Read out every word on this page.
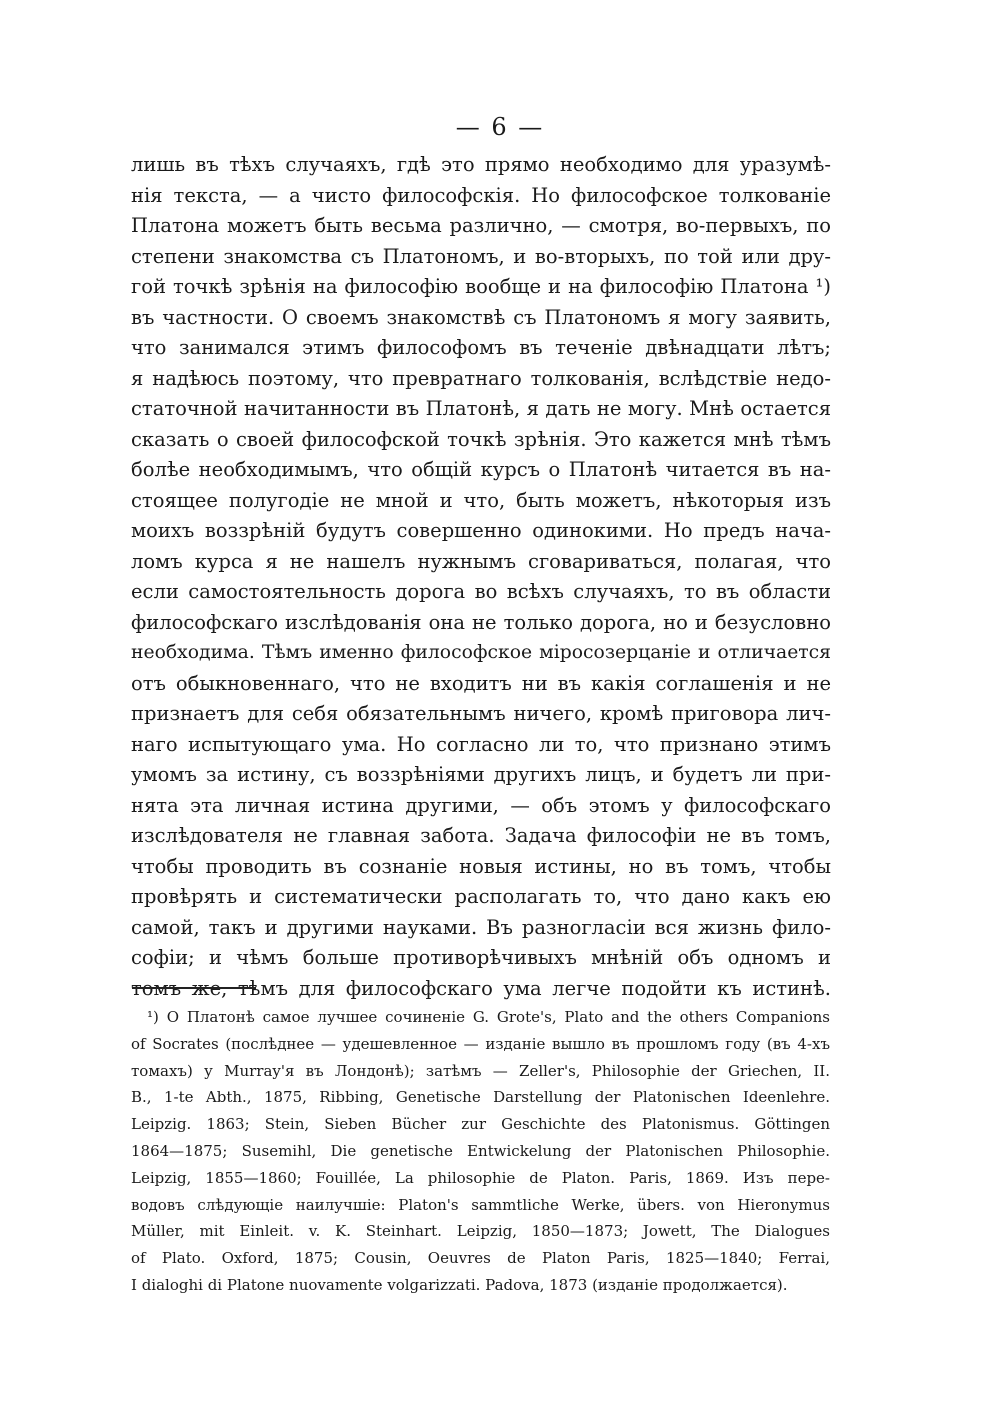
— 6 —
лишь въ тѣхъ случаяхъ, гдѣ это прямо необходимо для уразумѣ-
нія текста, — а чисто философскія. Но философское толкованіе
Платона можетъ быть весьма различно, — смотря, во-первыхъ, по
степени знакомства съ Платономъ, и во-вторыхъ, по той или дру-
гой точкѣ зрѣнія на философію вообще и на философію Платона ¹)
въ частности. О своемъ знакомствѣ съ Платономъ я могу заявить,
что занимался этимъ философомъ въ теченіе двѣнадцати лѣтъ;
я надѣюсь поэтому, что превратнаго толкованія, вслѣдствіе недо-
статочной начитанности въ Платонѣ, я дать не могу. Мнѣ остается
сказать о своей философской точкѣ зрѣнія. Это кажется мнѣ тѣмъ
болѣе необходимымъ, что общій курсъ о Платонѣ читается въ на-
стоящее полугодіе не мной и что, быть можетъ, нѣкоторыя изъ
моихъ воззрѣній будутъ совершенно одинокими. Но предъ нача-
ломъ курса я не нашелъ нужнымъ сговариваться, полагая, что
если самостоятельность дорога во всѣхъ случаяхъ, то въ области
философскаго изслѣдованія она не только дорога, но и безусловно
необходима. Тѣмъ именно философское міросозерцаніе и отличается
отъ обыкновеннаго, что не входитъ ни въ какія соглашенія и не
признаетъ для себя обязательнымъ ничего, кромѣ приговора лич-
наго испытующаго ума. Но согласно ли то, что признано этимъ
умомъ за истину, съ воззрѣніями другихъ лицъ, и будетъ ли при-
нята эта личная истина другими, — объ этомъ у философскаго
изслѣдователя не главная забота. Задача философіи не въ томъ,
чтобы проводить въ сознаніе новыя истины, но въ томъ, чтобы
провѣрять и систематически располагать то, что дано какъ ею
самой, такъ и другими науками. Въ разногласіи вся жизнь фило-
софіи; и чѣмъ больше противорѣчивыхъ мнѣній объ одномъ и
томъ же, тѣмъ для философскаго ума легче подойти къ истинѣ.
¹) О Платонѣ самое лучшее сочиненіе G. Grote's, Plato and the others Companions
of Socrates (послѣднее — удешевленное — изданіе вышло въ прошломъ году (въ 4-хъ
томахъ) у Murray'я въ Лондонѣ); затѣмъ — Zeller's, Philosophie der Griechen, II.
B., 1-te Abth., 1875, Ribbing, Genetische Darstellung der Platonischen Ideenlehre.
Leipzig. 1863; Stein, Sieben Bücher zur Geschichte des Platonismus. Göttingen
1864—1875; Susemihl, Die genetische Entwickelung der Platonischen Philosophie.
Leipzig, 1855—1860; Fouillée, La philosophie de Platon. Paris, 1869. Изъ пере-
водовъ слѣдующіе наилучшіе: Platon's sammtliche Werke, übers. von Hieronymus
Müller, mit Einleit. v. K. Steinhart. Leipzig, 1850—1873; Jowett, The Dialogues
of Plato. Oxford, 1875; Cousin, Oeuvres de Platon Paris, 1825—1840; Ferrai,
I dialoghi di Platone nuovamente volgarizzati. Padova, 1873 (изданіе продолжается).
